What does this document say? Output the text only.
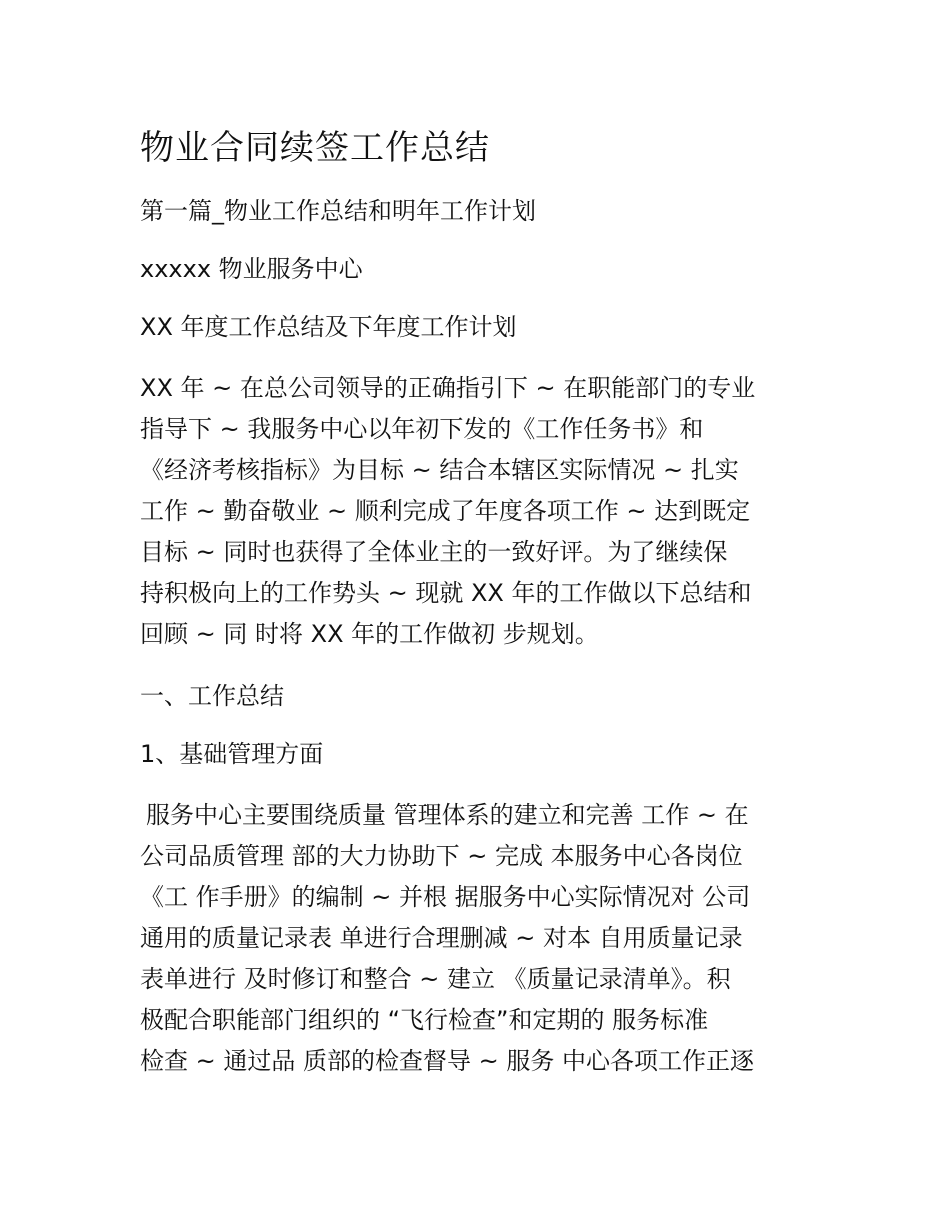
物业合同续签工作总结
第一篇_物业工作总结和明年工作计划
xxxxx 物业服务中心
XX 年度工作总结及下年度工作计划
XX 年 ~ 在总公司领导的正确指引下 ~ 在职能部门的专业
指导下 ~ 我服务中心以年初下发的《工作任务书》和
《经济考核指标》为目标 ~ 结合本辖区实际情况 ~ 扎实
工作 ~ 勤奋敬业 ~ 顺利完成了年度各项工作 ~ 达到既定
目标 ~ 同时也获得了全体业主的一致好评。为了继续保
持积极向上的工作势头 ~ 现就 XX 年的工作做以下总结和
回顾 ~ 同 时将 XX 年的工作做初 步规划。
一、工作总结
1、基础管理方面
服务中心主要围绕质量 管理体系的建立和完善 工作 ~ 在
公司品质管理 部的大力协助下 ~ 完成 本服务中心各岗位
《工 作手册》的编制 ~ 并根 据服务中心实际情况对 公司
通用的质量记录表 单进行合理删减 ~ 对本 自用质量记录
表单进行 及时修订和整合 ~ 建立 《质量记录清单》。积
极配合职能部门组织的 “飞行检查”和定期的 服务标准
检查 ~ 通过品 质部的检查督导 ~ 服务 中心各项工作正逐
